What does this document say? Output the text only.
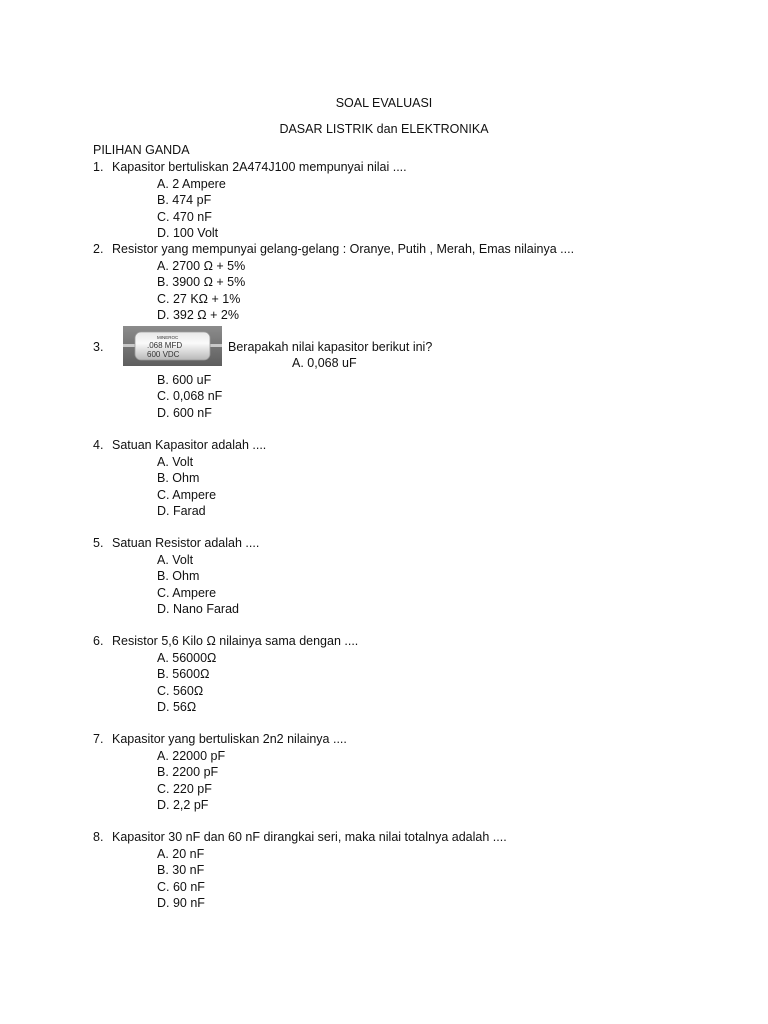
SOAL EVALUASI
DASAR LISTRIK dan ELEKTRONIKA
PILIHAN GANDA
1. Kapasitor bertuliskan 2A474J100 mempunyai nilai ....
A. 2 Ampere
B. 474 pF
C. 470 nF
D. 100 Volt
2. Resistor yang mempunyai gelang-gelang : Oranye, Putih , Merah, Emas nilainya ....
A. 2700 Ω + 5%
B. 3900 Ω + 5%
C. 27 KΩ + 1%
D. 392 Ω + 2%
3.
MINEROC
.068 MFD
600 VDC
Berapakah nilai kapasitor berikut ini?
A. 0,068 uF
B. 600 uF
C. 0,068 nF
D. 600 nF
4. Satuan Kapasitor adalah ....
A. Volt
B. Ohm
C. Ampere
D. Farad
5. Satuan Resistor adalah ....
A. Volt
B. Ohm
C. Ampere
D. Nano Farad
6. Resistor 5,6 Kilo Ω nilainya sama dengan ....
A. 56000Ω
B. 5600Ω
C. 560Ω
D. 56Ω
7. Kapasitor yang bertuliskan 2n2 nilainya ....
A. 22000 pF
B. 2200 pF
C. 220 pF
D. 2,2 pF
8. Kapasitor 30 nF dan 60 nF dirangkai seri, maka nilai totalnya adalah ....
A. 20 nF
B. 30 nF
C. 60 nF
D. 90 nF
